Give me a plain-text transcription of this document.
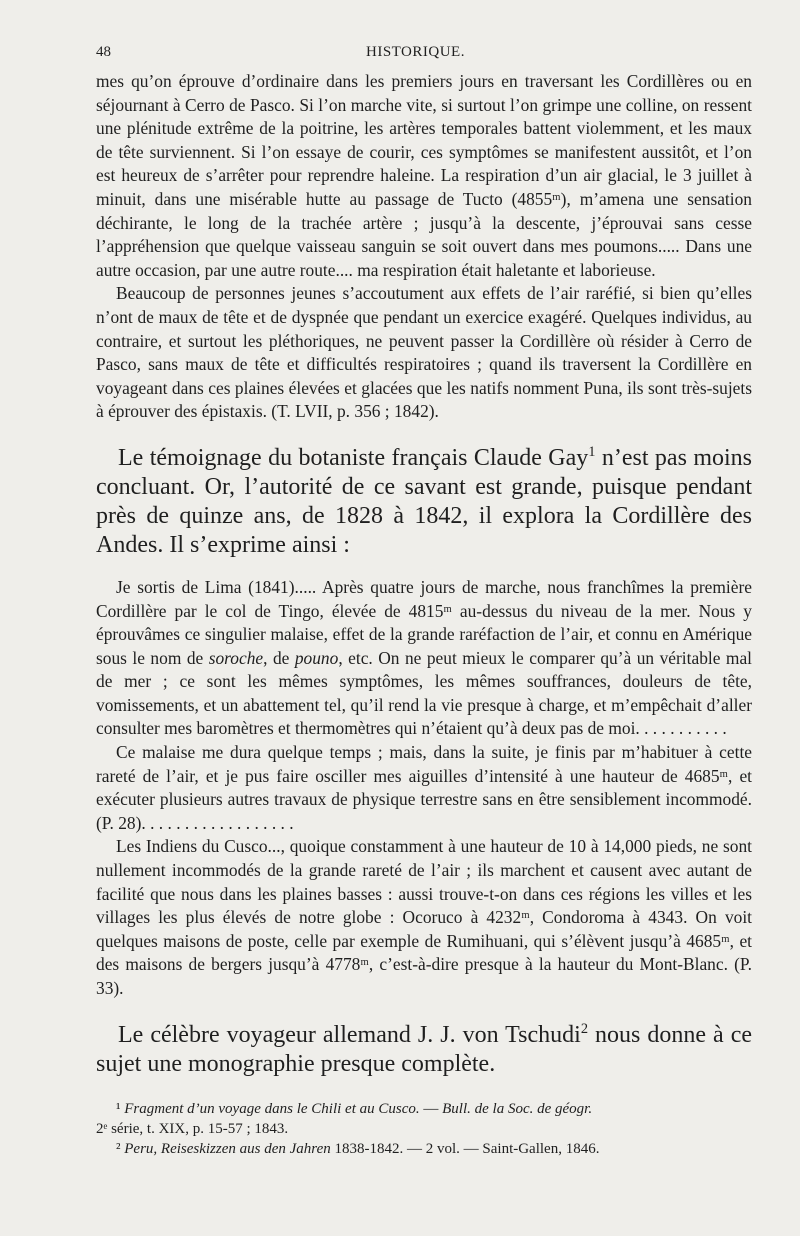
48	HISTORIQUE.

mes qu’on éprouve d’ordinaire dans les premiers jours en traversant les Cordillères ou en séjournant à Cerro de Pasco. Si l’on marche vite, si surtout l’on grimpe une colline, on ressent une plénitude extrême de la poitrine, les artères temporales battent violemment, et les maux de tête surviennent. Si l’on essaye de courir, ces symptômes se manifestent aussitôt, et l’on est heureux de s’arrêter pour reprendre haleine. La respiration d’un air glacial, le 3 juillet à minuit, dans une misérable hutte au passage de Tucto (4855ᵐ), m’amena une sensation déchirante, le long de la trachée artère ; jusqu’à la descente, j’éprouvai sans cesse l’appréhension que quelque vaisseau sanguin se soit ouvert dans mes poumons..... Dans une autre occasion, par une autre route.... ma respiration était haletante et laborieuse.

Beaucoup de personnes jeunes s’accoutument aux effets de l’air raréfié, si bien qu’elles n’ont de maux de tête et de dyspnée que pendant un exercice exagéré. Quelques individus, au contraire, et surtout les pléthoriques, ne peuvent passer la Cordillère où résider à Cerro de Pasco, sans maux de tête et difficultés respiratoires ; quand ils traversent la Cordillère en voyageant dans ces plaines élevées et glacées que les natifs nomment Puna, ils sont très-sujets à éprouver des épistaxis. (T. LVII, p. 356 ; 1842).

Le témoignage du botaniste français Claude Gay$^1$ n’est pas moins concluant. Or, l’autorité de ce savant est grande, puisque pendant près de quinze ans, de 1828 à 1842, il explora la Cordillère des Andes. Il s’exprime ainsi :

Je sortis de Lima (1841)..... Après quatre jours de marche, nous franchîmes la première Cordillère par le col de Tingo, élevée de 4815ᵐ au-dessus du niveau de la mer. Nous y éprouvâmes ce singulier malaise, effet de la grande raréfaction de l’air, et connu en Amérique sous le nom de soroche, de pouno, etc. On ne peut mieux le comparer qu’à un véritable mal de mer ; ce sont les mêmes symptômes, les mêmes souffrances, douleurs de tête, vomissements, et un abattement tel, qu’il rend la vie presque à charge, et m’empêchait d’aller consulter mes baromètres et thermomètres qui n’étaient qu’à deux pas de moi. . . . . . . . . . .

Ce malaise me dura quelque temps ; mais, dans la suite, je finis par m’habituer à cette rareté de l’air, et je pus faire osciller mes aiguilles d’intensité à une hauteur de 4685ᵐ, et exécuter plusieurs autres travaux de physique terrestre sans en être sensiblement incommodé. (P. 28). . . . . . . . . . . . . . . . . .

Les Indiens du Cusco..., quoique constamment à une hauteur de 10 à 14,000 pieds, ne sont nullement incommodés de la grande rareté de l’air ; ils marchent et causent avec autant de facilité que nous dans les plaines basses : aussi trouve-t-on dans ces régions les villes et les villages les plus élevés de notre globe : Ocoruco à 4232ᵐ, Condoroma à 4343. On voit quelques maisons de poste, celle par exemple de Rumihuani, qui s’élèvent jusqu’à 4685ᵐ, et des maisons de bergers jusqu’à 4778ᵐ, c’est-à-dire presque à la hauteur du Mont-Blanc. (P. 33).

Le célèbre voyageur allemand J. J. von Tschudi$^2$ nous donne à ce sujet une monographie presque complète.

¹ Fragment d’un voyage dans le Chili et au Cusco. — Bull. de la Soc. de géogr.

2ᵉ série, t. XIX, p. 15-57 ; 1843.

² Peru, Reiseskizzen aus den Jahren 1838-1842. — 2 vol. — Saint-Gallen, 1846.
